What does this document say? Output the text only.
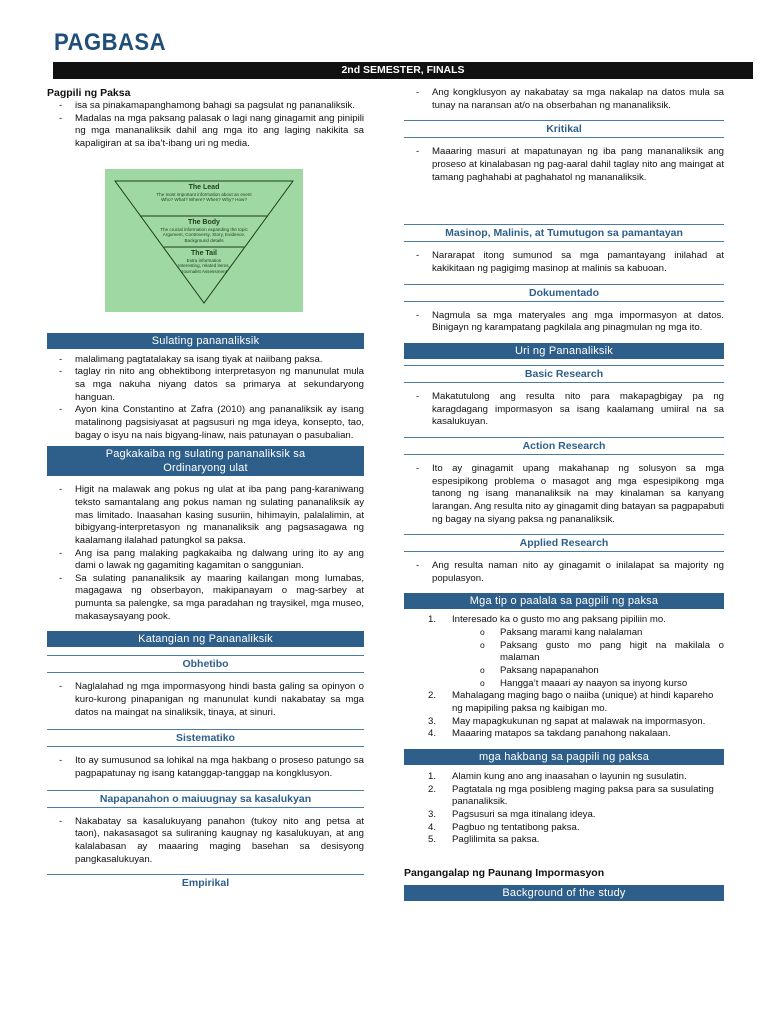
PAGBASA
2nd SEMESTER, FINALS
Pagpili ng Paksa
- isa sa pinakamapanghamong bahagi sa pagsulat ng pananaliksik.
- Madalas na mga paksang palasak o lagi nang ginagamit ang pinipili ng mga mananaliksik dahil ang mga ito ang laging nakikita sa kapaligiran at sa iba’t-ibang uri ng media.
The Lead
The most important information about an event Who? What? Where? When? Why? How?
The Body
The crucial information expanding the topic Argument, Controversy, Story, Evidence, Background details
The Tail
Extra information Interesting, related items, Journalist Assessment
Sulating pananaliksik
- malalimang pagtatalakay sa isang tiyak at naiibang paksa.
- taglay rin nito ang obhektibong interpretasyon ng manunulat mula sa mga nakuha niyang datos sa primarya at sekundaryong hanguan.
- Ayon kina Constantino at Zafra (2010) ang pananaliksik ay isang matalinong pagsisiyasat at pagsusuri ng mga ideya, konsepto, tao, bagay o isyu na nais bigyang-linaw, nais patunayan o pasubalian.
Pagkakaiba ng sulating pananaliksik sa Ordinaryong ulat
- Higit na malawak ang pokus ng ulat at iba pang pang-karaniwang teksto samantalang ang pokus naman ng sulating pananaliksik ay mas limitado. Inaasahan kasing susuriin, hihimayin, palalalimin, at bibigyang-interpretasyon ng mananaliksik ang pagsasagawa ng kaalamang ilalahad patungkol sa paksa.
- Ang isa pang malaking pagkakaiba ng dalwang uring ito ay ang dami o lawak ng gagamiting kagamitan o sanggunian.
- Sa sulating pananaliksik ay maaring kailangan mong lumabas, magagawa ng obserbayon, makipanayam o mag-sarbey at pumunta sa palengke, sa mga paradahan ng traysikel, mga museo, makasaysayang pook.
Katangian ng Pananaliksik
Obhetibo
- Naglalahad ng mga impormasyong hindi basta galing sa opinyon o kuro-kurong pinapanigan ng manunulat kundi nakabatay sa mga datos na maingat na sinaliksik, tinaya, at sinuri.
Sistematiko
- Ito ay sumusunod sa lohikal na mga hakbang o proseso patungo sa pagpapatunay ng isang katanggap-tanggap na kongklusyon.
Napapanahon o maiuugnay sa kasalukyan
- Nakabatay sa kasalukuyang panahon (tukoy nito ang petsa at taon), nakasasagot sa suliraning kaugnay ng kasalukuyan, at ang kalalabasan ay maaaring maging basehan sa desisyong pangkasalukuyan.
Empirikal
- Ang kongklusyon ay nakabatay sa mga nakalap na datos mula sa tunay na naransan at/o na obserbahan ng mananaliksik.
Kritikal
- Maaaring masuri at mapatunayan ng iba pang mananaliksik ang proseso at kinalabasan ng pag-aaral dahil taglay nito ang maingat at tamang paghahabi at paghahatol ng mananaliksik.
Masinop, Malinis, at Tumutugon sa pamantayan
- Nararapat itong sumunod sa mga pamantayang inilahad at kakikitaan ng pagigimg masinop at malinis sa kabuoan.
Dokumentado
- Nagmula sa mga materyales ang mga impormasyon at datos. Binigayn ng karampatang pagkilala ang pinagmulan ng mga ito.
Uri ng Pananaliksik
Basic Research
- Makatutulong ang resulta nito para makapagbigay pa ng karagdagang impormasyon sa isang kaalamang umiiral na sa kasalukuyan.
Action Research
- Ito ay ginagamit upang makahanap ng solusyon sa mga espesipikong problema o masagot ang mga espesipikong mga tanong ng isang mananaliksik na may kinalaman sa kanyang larangan. Ang resulta nito ay ginagamit ding batayan sa pagpapabuti ng bagay na siyang paksa ng pananaliksik.
Applied Research
- Ang resulta naman nito ay ginagamit o inilalapat sa majority ng populasyon.
Mga tip o paalala sa pagpili ng paksa
1. Interesado ka o gusto mo ang paksang pipiliin mo.
o Paksang marami kang nalalaman
o Paksang gusto mo pang higit na makilala o malaman
o Paksang napapanahon
o Hangga’t maaari ay naayon sa inyong kurso
2. Mahalagang maging bago o naiiba (unique) at hindi kapareho ng mapipiling paksa ng kaibigan mo.
3. May mapagkukunan ng sapat at malawak na impormasyon.
4. Maaaring matapos sa takdang panahong nakalaan.
mga hakbang sa pagpili ng paksa
1. Alamin kung ano ang inaasahan o layunin ng susulatin.
2. Pagtatala ng mga posibleng maging paksa para sa susulating pananaliksik.
3. Pagsusuri sa mga itinalang ideya.
4. Pagbuo ng tentatibong paksa.
5. Paglilimita sa paksa.
Pangangalap ng Paunang Impormasyon
Background of the study
